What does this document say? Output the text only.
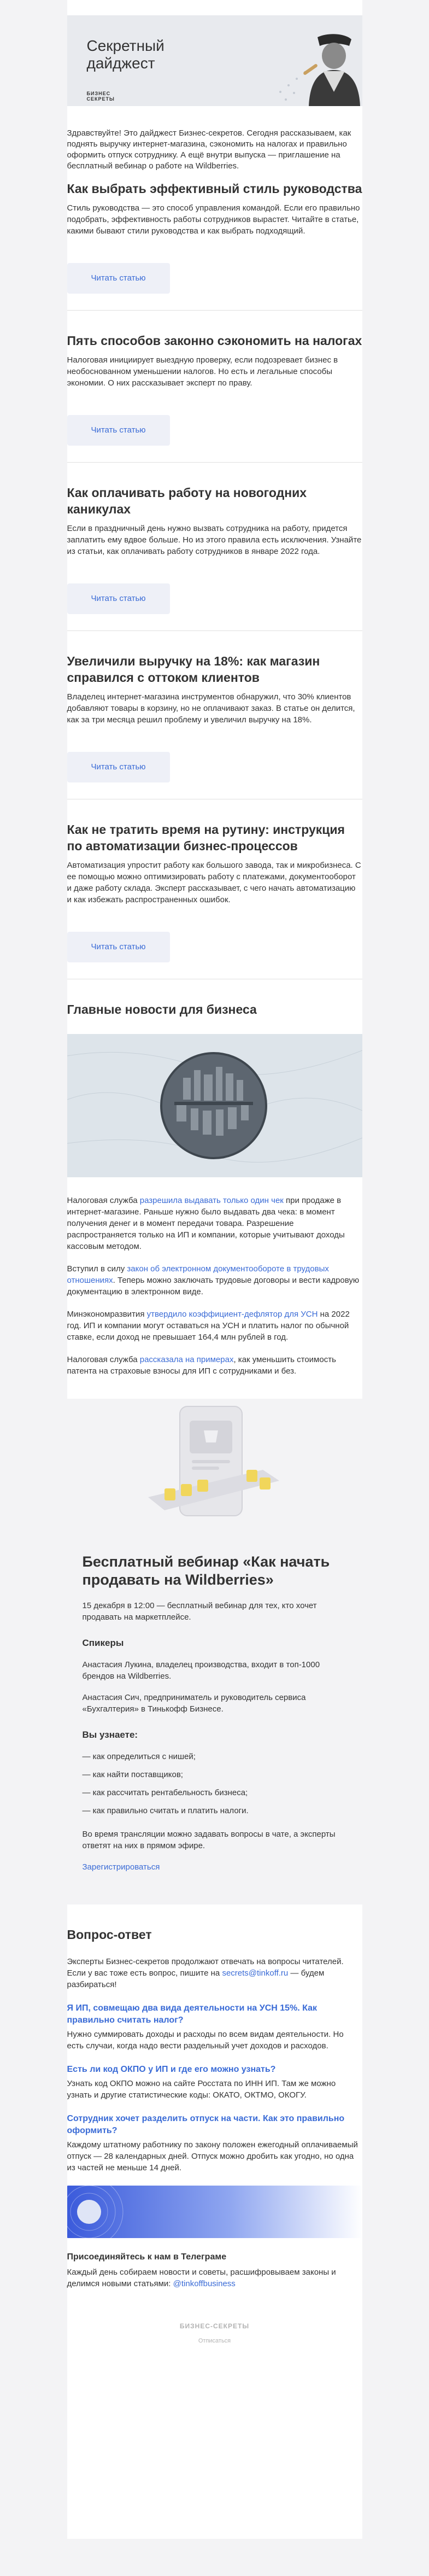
Секретный
дайджест
БИЗНЕС
СЕКРЕТЫ
Здравствуйте! Это дайджест Бизнес-секретов. Сегодня рассказываем, как поднять выручку интернет-магазина, сэкономить на налогах и правильно оформить отпуск сотруднику. А ещё внутри выпуска — приглашение на бесплатный вебинар о работе на Wildberries.
Как выбрать эффективный стиль руководства

Стиль руководства — это способ управления командой. Если его правильно подобрать, эффективность работы сотрудников вырастет. Читайте в статье, какими бывают стили руководства и как выбрать подходящий.

Читать статью
Пять способов законно сэкономить на налогах

Налоговая инициирует выездную проверку, если подозревает бизнес в необоснованном уменьшении налогов. Но есть и легальные способы экономии. О них рассказывает эксперт по праву.

Читать статью
Как оплачивать работу на новогодних каникулах

Если в праздничный день нужно вызвать сотрудника на работу, придется заплатить ему вдвое больше. Но из этого правила есть исключения. Узнайте из статьи, как оплачивать работу сотрудников в январе 2022 года.

Читать статью
Увеличили выручку на 18%: как магазин справился с оттоком клиентов

Владелец интернет-магазина инструментов обнаружил, что 30% клиентов добавляют товары в корзину, но не оплачивают заказ. В статье он делится, как за три месяца решил проблему и увеличил выручку на 18%.

Читать статью
Как не тратить время на рутину: инструкция по автоматизации бизнес-процессов

Автоматизация упростит работу как большого завода, так и микробизнеса. С ее помощью можно оптимизировать работу с платежами, документооборот и даже работу склада. Эксперт рассказывает, с чего начать автоматизацию и как избежать распространенных ошибок.

Читать статью
Главные новости для бизнеса

Налоговая служба разрешила выдавать только один чек при продаже в интернет-магазине. Раньше нужно было выдавать два чека: в момент получения денег и в момент передачи товара. Разрешение распространяется только на ИП и компании, которые учитывают доходы кассовым методом.

Вступил в силу закон об электронном документообороте в трудовых отношениях. Теперь можно заключать трудовые договоры и вести кадровую документацию в электронном виде.

Минэкономразвития утвердило коэффициент-дефлятор для УСН на 2022 год. ИП и компании могут оставаться на УСН и платить налог по обычной ставке, если доход не превышает 164,4 млн рублей в год.

Налоговая служба рассказала на примерах, как уменьшить стоимость патента на страховые взносы для ИП с сотрудниками и без.

Бесплатный вебинар «Как начать продавать на Wildberries»

15 декабря в 12:00 — бесплатный вебинар для тех, кто хочет продавать на маркетплейсе.

Спикеры

Анастасия Лукина, владелец производства, входит в топ-1000 брендов на Wildberries.

Анастасия Сич, предприниматель и руководитель сервиса «Бухгалтерия» в Тинькофф Бизнесе.

Вы узнаете:
— как определиться с нишей;
— как найти поставщиков;
— как рассчитать рентабельность бизнеса;
— как правильно считать и платить налоги.

Во время трансляции можно задавать вопросы в чате, а эксперты ответят на них в прямом эфире.

Зарегистрироваться

Вопрос-ответ

Эксперты Бизнес-секретов продолжают отвечать на вопросы читателей. Если у вас тоже есть вопрос, пишите на secrets@tinkoff.ru — будем разбираться!

Я ИП, совмещаю два вида деятельности на УСН 15%. Как правильно считать налог?

Нужно суммировать доходы и расходы по всем видам деятельности. Но есть случаи, когда надо вести раздельный учет доходов и расходов.

Есть ли код ОКПО у ИП и где его можно узнать?

Узнать код ОКПО можно на сайте Росстата по ИНН ИП. Там же можно узнать и другие статистические коды: ОКАТО, ОКТМО, ОКОГУ.

Сотрудник хочет разделить отпуск на части. Как это правильно оформить?

Каждому штатному работнику по закону положен ежегодный оплачиваемый отпуск — 28 календарных дней. Отпуск можно дробить как угодно, но одна из частей не меньше 14 дней.

Присоединяйтесь к нам в Телеграме

Каждый день собираем новости и советы, расшифровываем законы и делимся новыми статьями: @tinkoffbusiness

БИЗНЕС-СЕКРЕТЫ
Отписаться
